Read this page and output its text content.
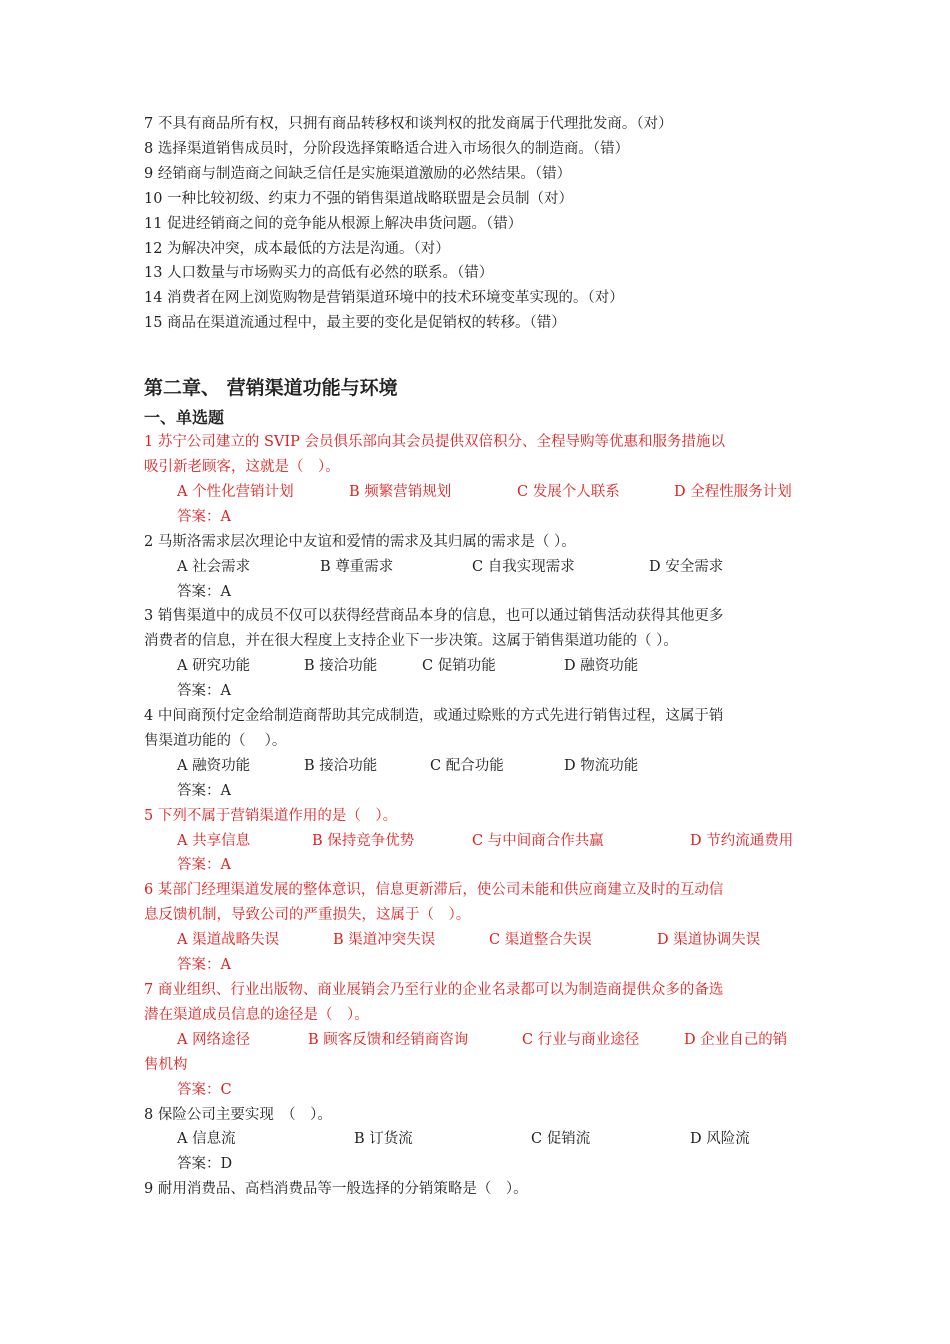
7 不具有商品所有权，只拥有商品转移权和谈判权的批发商属于代理批发商。（对）
8 选择渠道销售成员时，分阶段选择策略适合进入市场很久的制造商。（错）
9 经销商与制造商之间缺乏信任是实施渠道激励的必然结果。（错）
10 一种比较初级、约束力不强的销售渠道战略联盟是会员制（对）
11 促进经销商之间的竞争能从根源上解决串货问题。（错）
12 为解决冲突，成本最低的方法是沟通。（对）
13 人口数量与市场购买力的高低有必然的联系。（错）
14 消费者在网上浏览购物是营销渠道环境中的技术环境变革实现的。（对）
15 商品在渠道流通过程中，最主要的变化是促销权的转移。（错）
第二章、 营销渠道功能与环境
一、单选题
1 苏宁公司建立的 SVIP 会员俱乐部向其会员提供双倍积分、全程导购等优惠和服务措施以
吸引新老顾客，这就是（　）。
A 个性化营销计划	B 频繁营销规划	C 发展个人联系	D 全程性服务计划
答案：A
2 马斯洛需求层次理论中友谊和爱情的需求及其归属的需求是（ ）。
A 社会需求	B 尊重需求	C 自我实现需求	D 安全需求
答案：A
3 销售渠道中的成员不仅可以获得经营商品本身的信息，也可以通过销售活动获得其他更多
消费者的信息，并在很大程度上支持企业下一步决策。这属于销售渠道功能的（ ）。
A 研究功能	B 接洽功能	C 促销功能	D 融资功能
答案：A
4 中间商预付定金给制造商帮助其完成制造，或通过赊账的方式先进行销售过程，这属于销
售渠道功能的（　 ）。
A 融资功能	B 接洽功能	C 配合功能	D 物流功能
答案：A
5 下列不属于营销渠道作用的是（　）。
A 共享信息	B 保持竞争优势	C 与中间商合作共赢	D 节约流通费用
答案：A
6 某部门经理渠道发展的整体意识，信息更新滞后，使公司未能和供应商建立及时的互动信
息反馈机制，导致公司的严重损失，这属于（　）。
A 渠道战略失误	B 渠道冲突失误	C 渠道整合失误	D 渠道协调失误
答案：A
7 商业组织、行业出版物、商业展销会乃至行业的企业名录都可以为制造商提供众多的备选
潜在渠道成员信息的途径是（　）。
A 网络途径	B 顾客反馈和经销商咨询	C 行业与商业途径	D 企业自己的销
售机构
答案：C
8 保险公司主要实现　（　）。
A 信息流	B 订货流	C 促销流	D 风险流
答案：D
9 耐用消费品、高档消费品等一般选择的分销策略是（　）。
